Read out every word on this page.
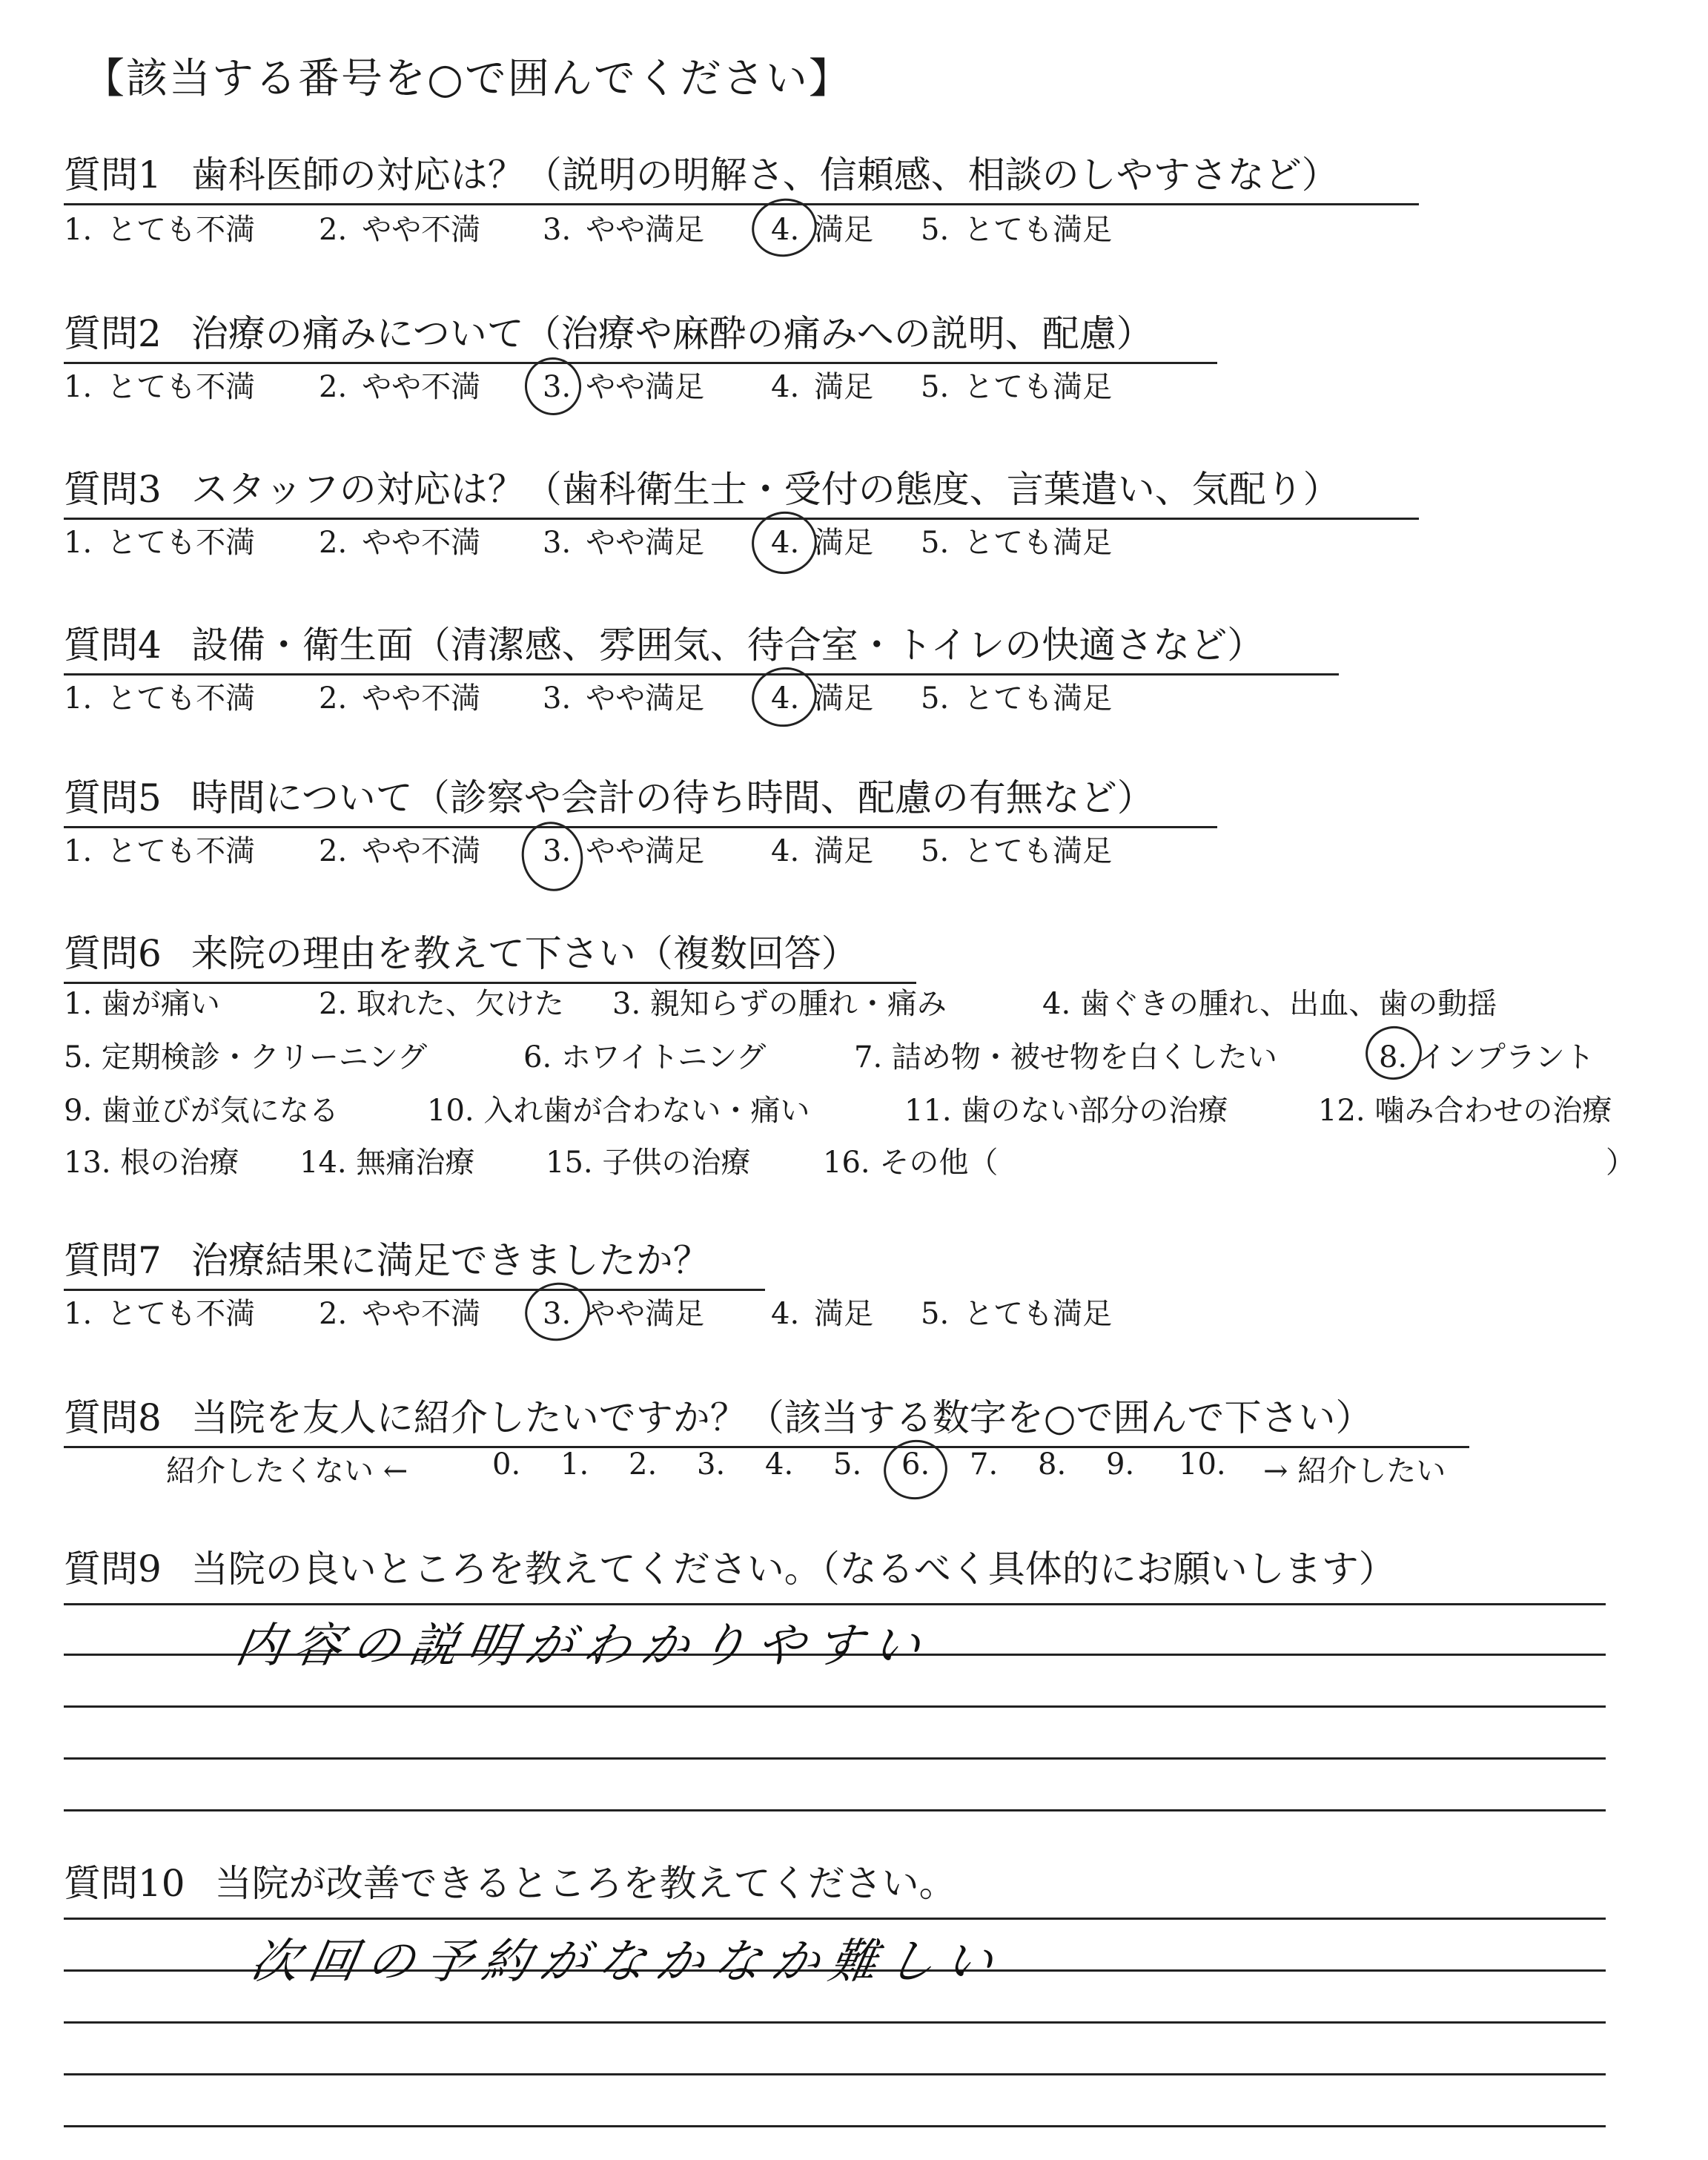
【該当する番号を○で囲んでください】
質問1 歯科医師の対応は？（説明の明解さ、信頼感、相談のしやすさなど）
1. とても不満 2. やや不満 3. やや満足 4. 満足 5. とても満足
質問2 治療の痛みについて（治療や麻酔の痛みへの説明、配慮）
1. とても不満 2. やや不満 3. やや満足 4. 満足 5. とても満足
質問3 スタッフの対応は？（歯科衛生士・受付の態度、言葉遣い、気配り）
1. とても不満 2. やや不満 3. やや満足 4. 満足 5. とても満足
質問4 設備・衛生面（清潔感、雰囲気、待合室・トイレの快適さなど）
1. とても不満 2. やや不満 3. やや満足 4. 満足 5. とても満足
質問5 時間について（診察や会計の待ち時間、配慮の有無など）
1. とても不満 2. やや不満 3. やや満足 4. 満足 5. とても満足
質問6 来院の理由を教えて下さい（複数回答）
1. 歯が痛い	2. 取れた、欠けた 3. 親知らずの腫れ・痛み	4. 歯ぐきの腫れ、出血、歯の動揺
5. 定期検診・クリーニング	6. ホワイトニング	7. 詰め物・被せ物を白くしたい	8. インプラント
9. 歯並びが気になる	10. 入れ歯が合わない・痛い	11. 歯のない部分の治療	12. 噛み合わせの治療
13. 根の治療 14. 無痛治療 15. 子供の治療 16. その他（	）
質問7 治療結果に満足できましたか？
1. とても不満 2. やや不満 3. やや満足 4. 満足 5. とても満足
質問8 当院を友人に紹介したいですか？（該当する数字を○で囲んで下さい）
紹介したくない ←	0. 1. 2. 3. 4. 5. 6. 7. 8. 9. 10. → 紹介したい
質問9 当院の良いところを教えてください。（なるべく具体的にお願いします）
内容の説明がわかりやすい
質問10 当院が改善できるところを教えてください。
次回の予約がなかなか難しい
